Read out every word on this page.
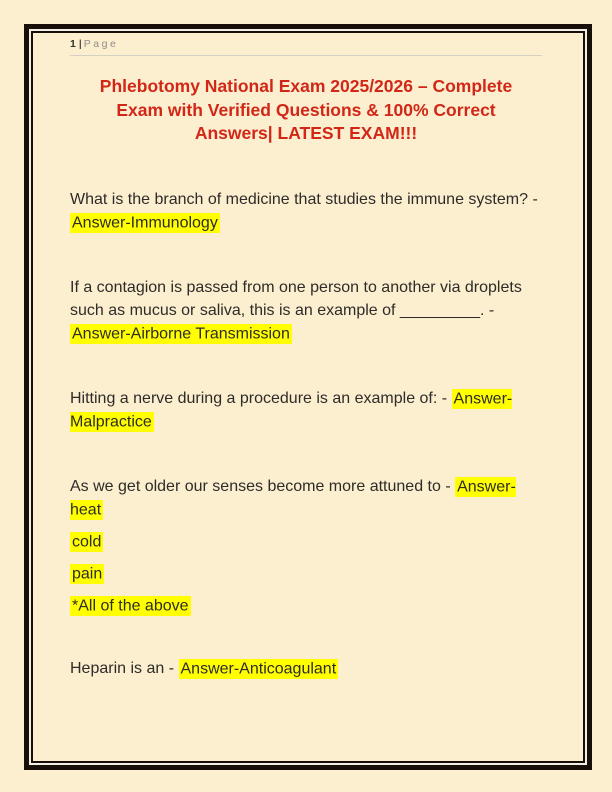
1 | Page
Phlebotomy National Exam 2025/2026 – Complete
Exam with Verified Questions & 100% Correct
Answers| LATEST EXAM!!!

What is the branch of medicine that studies the immune system? - Answer-Immunology

If a contagion is passed from one person to another via droplets such as mucus or saliva, this is an example of _________. - Answer-Airborne Transmission

Hitting a nerve during a procedure is an example of: - Answer-Malpractice

As we get older our senses become more attuned to - Answer-heat

cold

pain

*All of the above

Heparin is an - Answer-Anticoagulant
